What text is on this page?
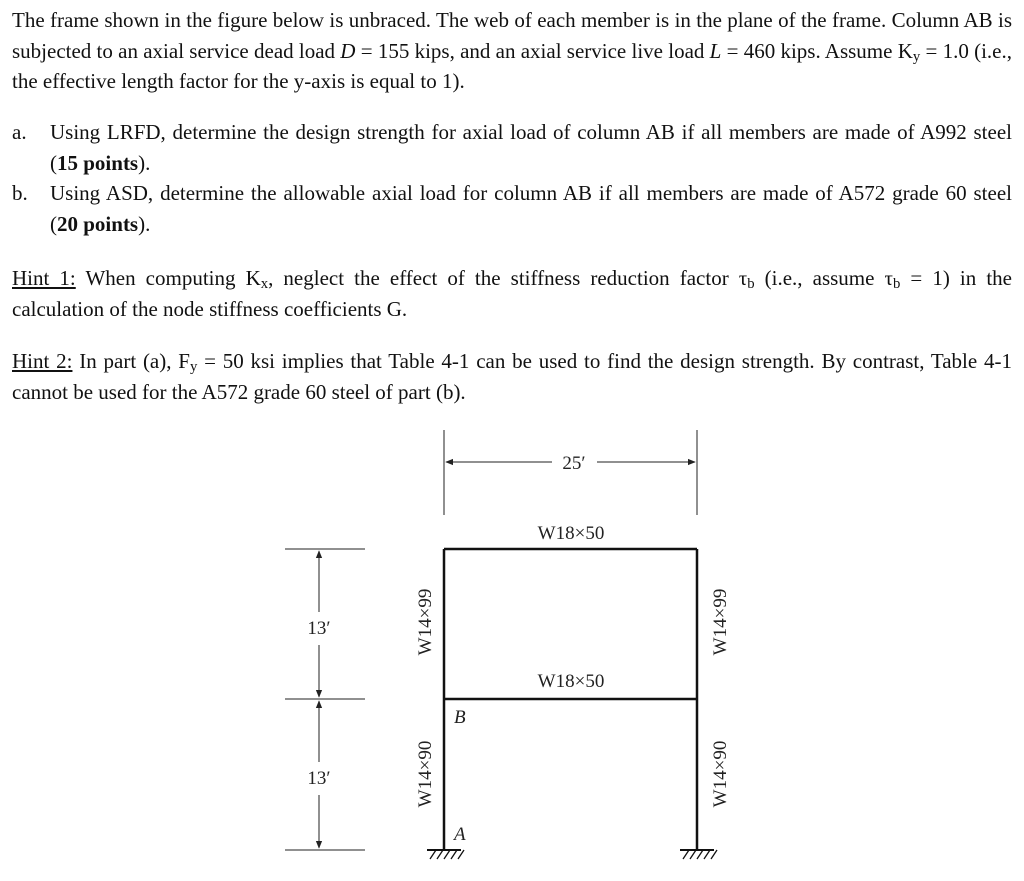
The frame shown in the figure below is unbraced. The web of each member is in the plane of the frame. Column AB is subjected to an axial service dead load D = 155 kips, and an axial service live load L = 460 kips. Assume $K_y = 1.0$ (i.e., the effective length factor for the y-axis is equal to 1).
a.	Using LRFD, determine the design strength for axial load of column AB if all members are made of A992 steel (15 points).
b.	Using ASD, determine the allowable axial load for column AB if all members are made of A572 grade 60 steel (20 points).
Hint 1: When computing $K_x$, neglect the effect of the stiffness reduction factor $\tau_b$ (i.e., assume $\tau_b = 1$) in the calculation of the node stiffness coefficients G.
Hint 2: In part (a), $F_y = 50$ ksi implies that Table 4-1 can be used to find the design strength. By contrast, Table 4-1 cannot be used for the A572 grade 60 steel of part (b).
25′
W18×50
W18×50
W14×99
W14×90
W14×99
W14×90
B
A
13′
13′
